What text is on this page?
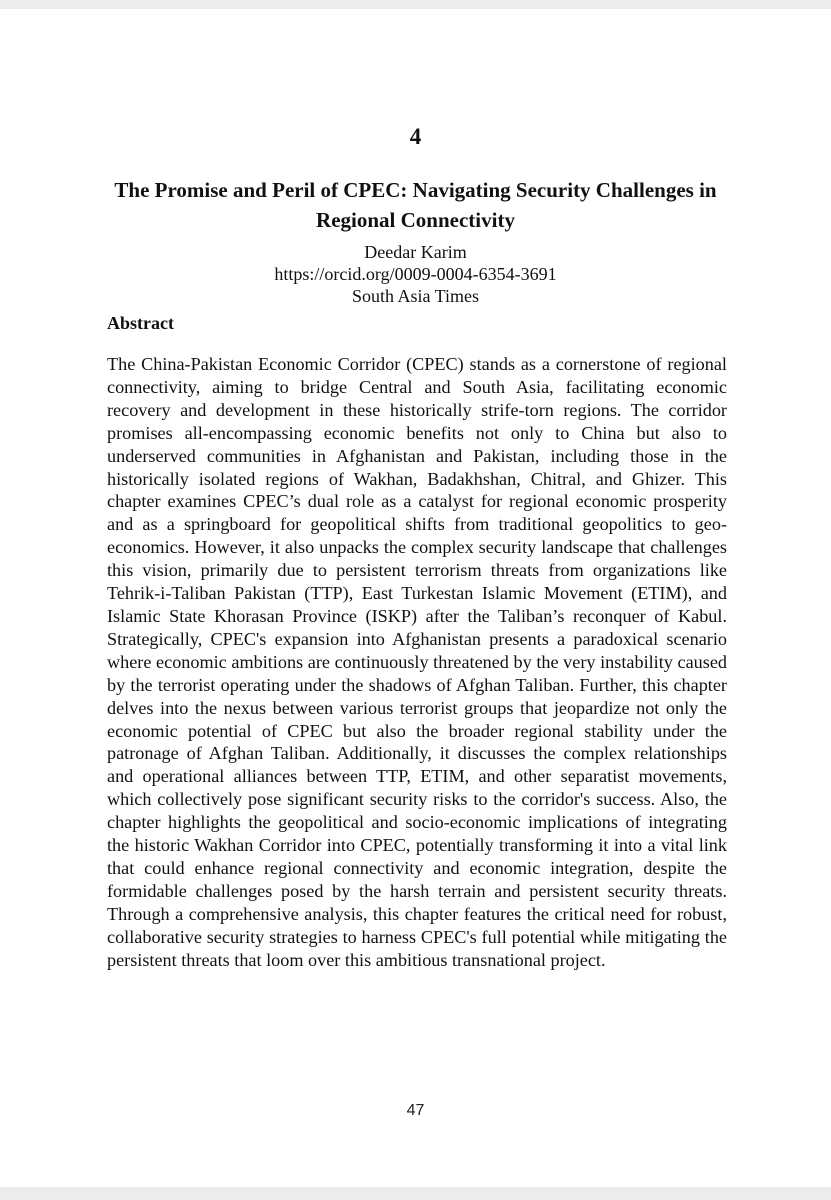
4
The Promise and Peril of CPEC: Navigating Security Challenges in Regional Connectivity
Deedar Karim
https://orcid.org/0009-0004-6354-3691
South Asia Times
Abstract

The China-Pakistan Economic Corridor (CPEC) stands as a cornerstone of regional connectivity, aiming to bridge Central and South Asia, facilitating economic recovery and development in these historically strife-torn regions. The corridor promises all-encompassing economic benefits not only to China but also to underserved communities in Afghanistan and Pakistan, including those in the historically isolated regions of Wakhan, Badakhshan, Chitral, and Ghizer. This chapter examines CPEC’s dual role as a catalyst for regional economic prosperity and as a springboard for geopolitical shifts from traditional geopolitics to geo-economics. However, it also unpacks the complex security landscape that challenges this vision, primarily due to persistent terrorism threats from organizations like Tehrik-i-Taliban Pakistan (TTP), East Turkestan Islamic Movement (ETIM), and Islamic State Khorasan Province (ISKP) after the Taliban’s reconquer of Kabul. Strategically, CPEC's expansion into Afghanistan presents a paradoxical scenario where economic ambitions are continuously threatened by the very instability caused by the terrorist operating under the shadows of Afghan Taliban. Further, this chapter delves into the nexus between various terrorist groups that jeopardize not only the economic potential of CPEC but also the broader regional stability under the patronage of Afghan Taliban. Additionally, it discusses the complex relationships and operational alliances between TTP, ETIM, and other separatist movements, which collectively pose significant security risks to the corridor's success. Also, the chapter highlights the geopolitical and socio-economic implications of integrating the historic Wakhan Corridor into CPEC, potentially transforming it into a vital link that could enhance regional connectivity and economic integration, despite the formidable challenges posed by the harsh terrain and persistent security threats. Through a comprehensive analysis, this chapter features the critical need for robust, collaborative security strategies to harness CPEC's full potential while mitigating the persistent threats that loom over this ambitious transnational project.

47
